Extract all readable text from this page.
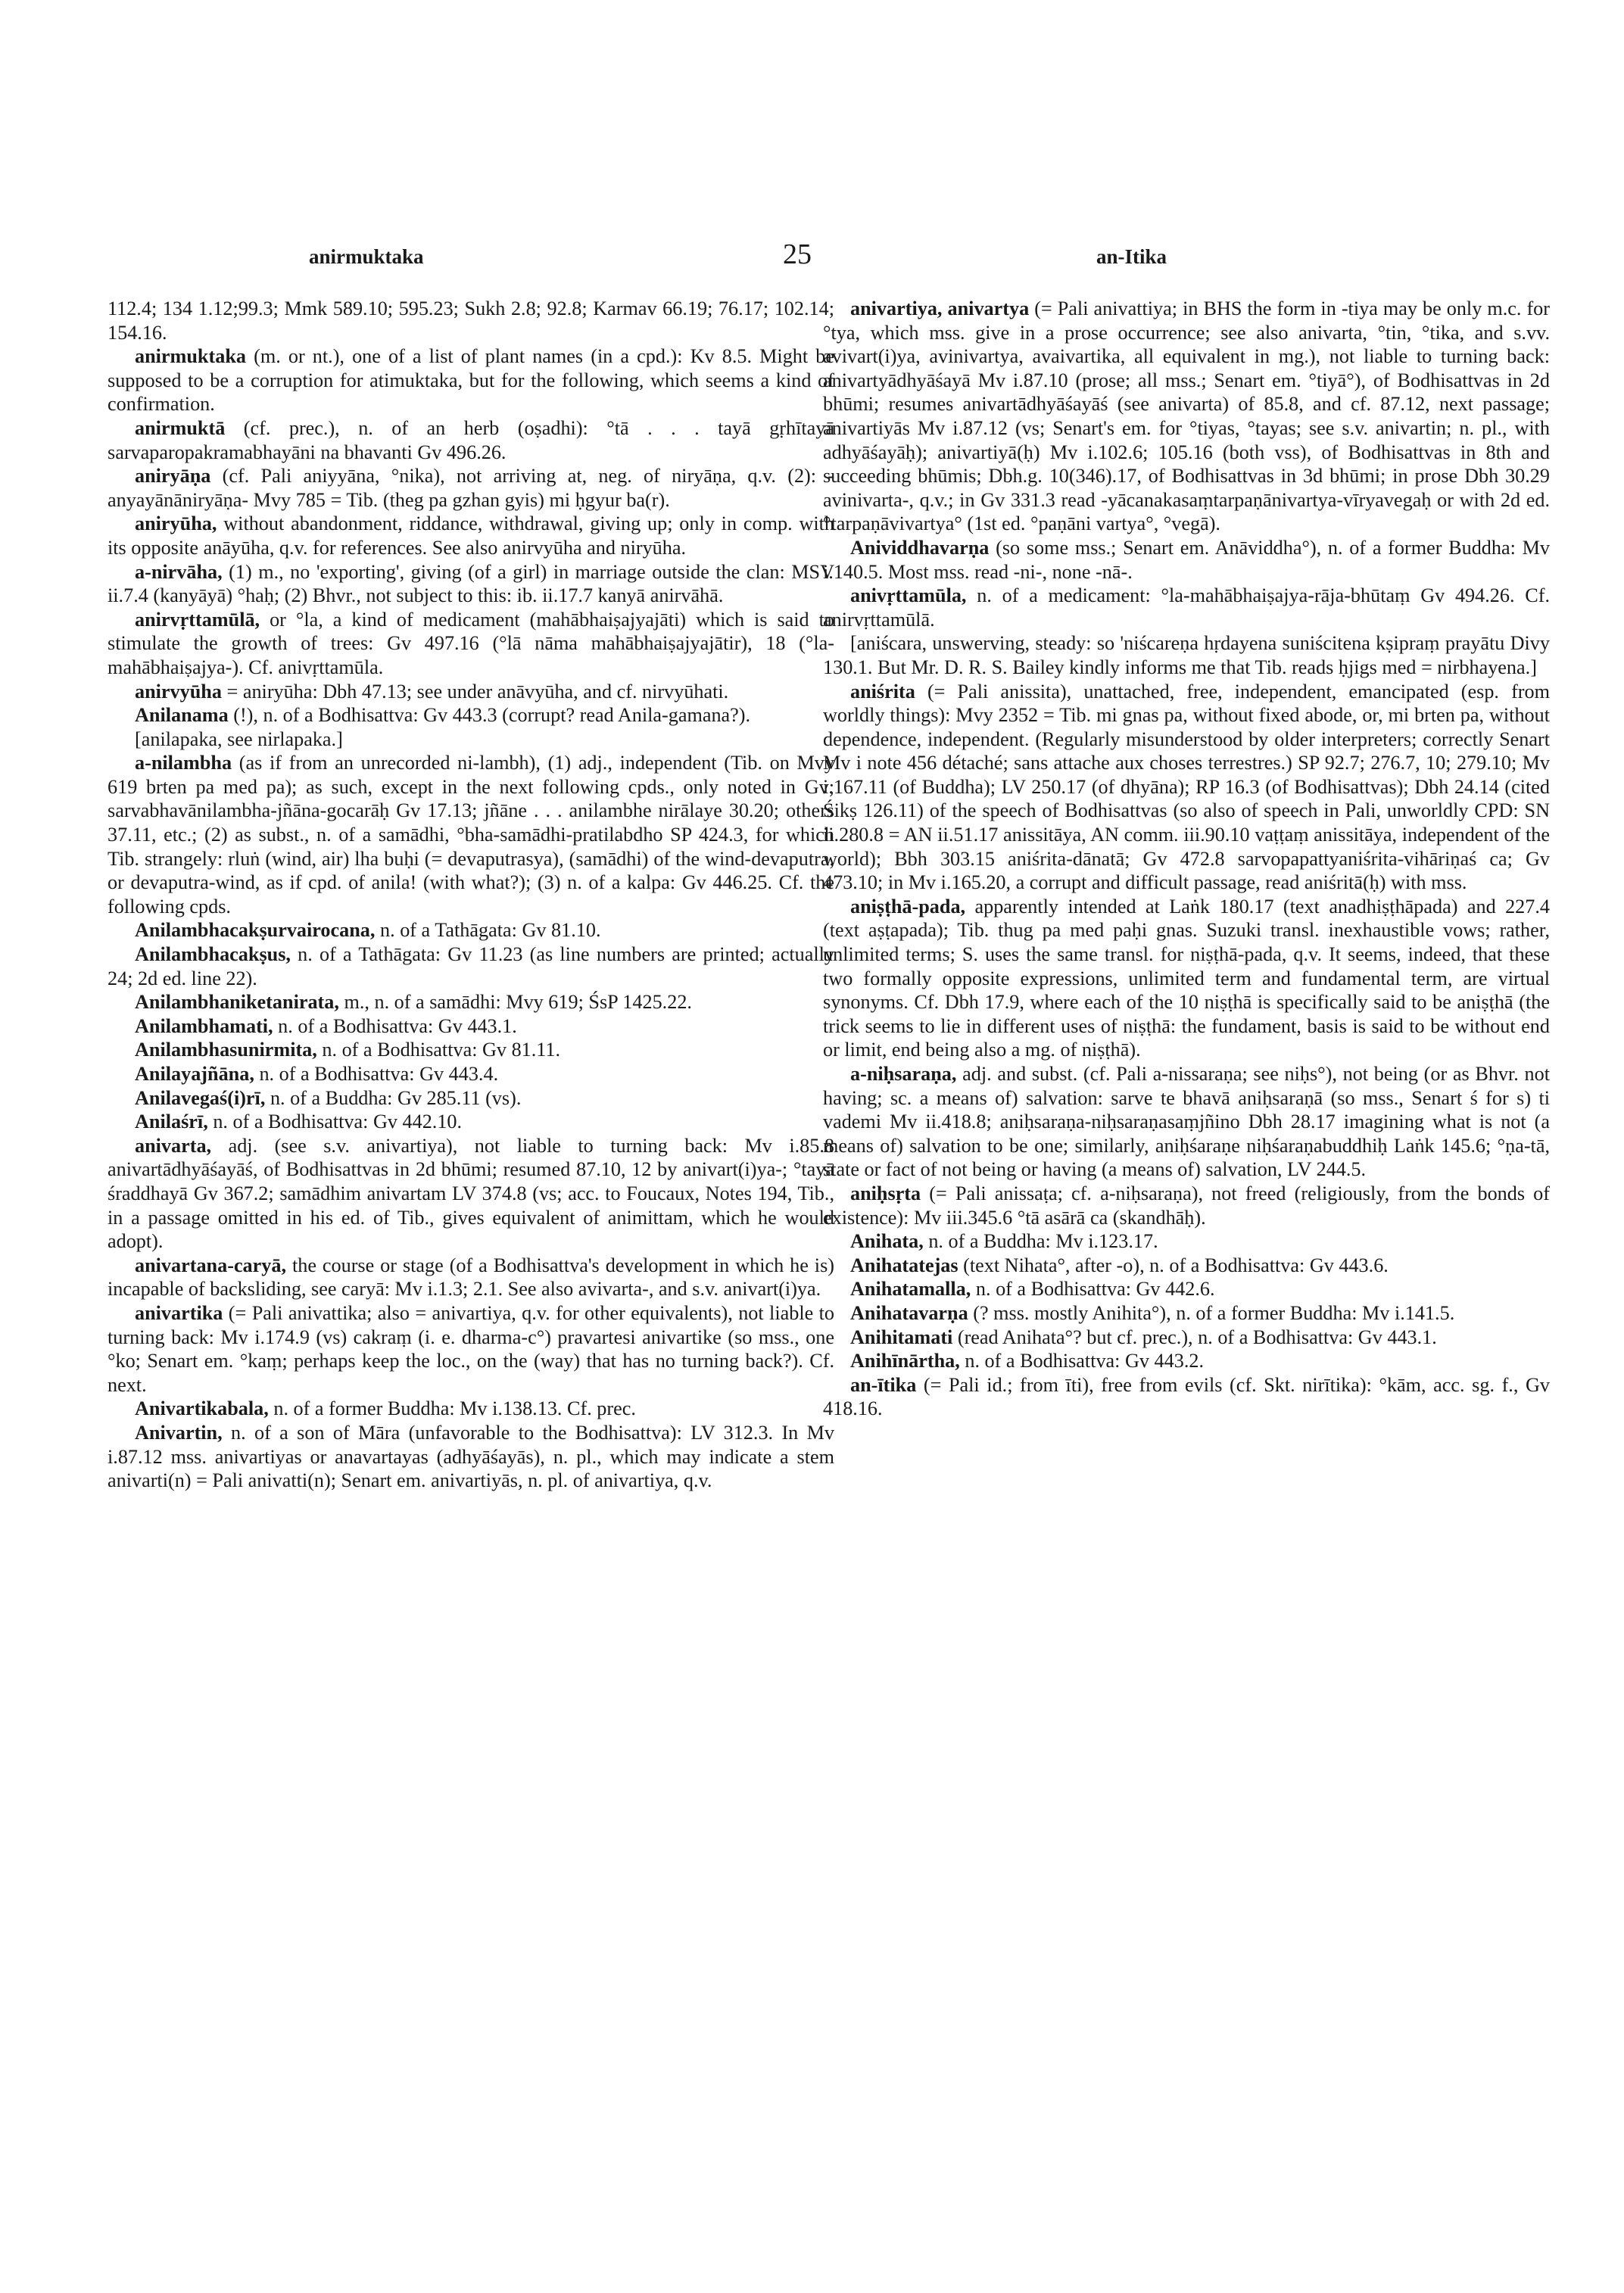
anirmuktaka	25	an-Itika

112.4; 134 1.12;99.3; Mmk 589.10; 595.23; Sukh 2.8; 92.8; Karmav 66.19; 76.17; 102.14; 154.16.

anirmuktaka (m. or nt.), one of a list of plant names (in a cpd.): Kv 8.5. Might be supposed to be a corruption for atimuktaka, but for the following, which seems a kind of confirmation.

anirmuktā (cf. prec.), n. of an herb (oṣadhi): °tā . . . tayā gṛhītayā sarvaparopakramabhayāni na bhavanti Gv 496.26.

aniryāṇa (cf. Pali aniyyāna, °nika), not arriving at, neg. of niryāṇa, q.v. (2): -anyayānāniryāṇa- Mvy 785 = Tib. (theg pa gzhan gyis) mi ḥgyur ba(r).

aniryūha, without abandonment, riddance, withdrawal, giving up; only in comp. with its opposite anāyūha, q.v. for references. See also anirvyūha and niryūha.

a-nirvāha, (1) m., no 'exporting', giving (of a girl) in marriage outside the clan: MSV ii.7.4 (kanyāyā) °haḥ; (2) Bhvr., not subject to this: ib. ii.17.7 kanyā anirvāhā.

anirvṛttamūlā, or °la, a kind of medicament (mahābhaiṣajyajāti) which is said to stimulate the growth of trees: Gv 497.16 (°lā nāma mahābhaiṣajyajātir), 18 (°la-mahābhaiṣajya-). Cf. anivṛttamūla.

anirvyūha = aniryūha: Dbh 47.13; see under anāvyūha, and cf. nirvyūhati.

Anilanama (!), n. of a Bodhisattva: Gv 443.3 (corrupt? read Anila-gamana?).

[anilapaka, see nirlapaka.]

a-nilambha (as if from an unrecorded ni-lambh), (1) adj., independent (Tib. on Mvy 619 brten pa med pa); as such, except in the next following cpds., only noted in Gv; sarvabhavānilambha-jñāna-gocarāḥ Gv 17.13; jñāne . . . anilambhe nirālaye 30.20; others 37.11, etc.; (2) as subst., n. of a samādhi, °bha-samādhi-pratilabdho SP 424.3, for which Tib. strangely: rluṅ (wind, air) lha buḥi (= devaputrasya), (samādhi) of the wind-devaputra, or devaputra-wind, as if cpd. of anila! (with what?); (3) n. of a kalpa: Gv 446.25. Cf. the following cpds.

Anilambhacakṣurvairocana, n. of a Tathāgata: Gv 81.10.

Anilambhacakṣus, n. of a Tathāgata: Gv 11.23 (as line numbers are printed; actually 24; 2d ed. line 22).

Anilambhaniketanirata, m., n. of a samādhi: Mvy 619; ŚsP 1425.22.

Anilambhamati, n. of a Bodhisattva: Gv 443.1.

Anilambhasunirmita, n. of a Bodhisattva: Gv 81.11.

Anilayajñāna, n. of a Bodhisattva: Gv 443.4.

Anilavegaś(i)rī, n. of a Buddha: Gv 285.11 (vs).

Anilaśrī, n. of a Bodhisattva: Gv 442.10.

anivarta, adj. (see s.v. anivartiya), not liable to turning back: Mv i.85.8 anivartādhyāśayāś, of Bodhisattvas in 2d bhūmi; resumed 87.10, 12 by anivart(i)ya-; °tayā śraddhayā Gv 367.2; samādhim anivartam LV 374.8 (vs; acc. to Foucaux, Notes 194, Tib., in a passage omitted in his ed. of Tib., gives equivalent of animittam, which he would adopt).

anivartana-caryā, the course or stage (of a Bodhisattva's development in which he is) incapable of backsliding, see caryā: Mv i.1.3; 2.1. See also avivarta-, and s.v. anivart(i)ya.

anivartika (= Pali anivattika; also = anivartiya, q.v. for other equivalents), not liable to turning back: Mv i.174.9 (vs) cakraṃ (i. e. dharma-c°) pravartesi anivartike (so mss., one °ko; Senart em. °kaṃ; perhaps keep the loc., on the (way) that has no turning back?). Cf. next.

Anivartikabala, n. of a former Buddha: Mv i.138.13. Cf. prec.

Anivartin, n. of a son of Māra (unfavorable to the Bodhisattva): LV 312.3. In Mv i.87.12 mss. anivartiyas or anavartayas (adhyāśayās), n. pl., which may indicate a stem anivarti(n) = Pali anivatti(n); Senart em. anivartiyās, n. pl. of anivartiya, q.v.

anivartiya, anivartya (= Pali anivattiya; in BHS the form in -tiya may be only m.c. for °tya, which mss. give in a prose occurrence; see also anivarta, °tin, °tika, and s.vv. avivart(i)ya, avinivartya, avaivartika, all equivalent in mg.), not liable to turning back: anivartyādhyāśayā Mv i.87.10 (prose; all mss.; Senart em. °tiyā°), of Bodhisattvas in 2d bhūmi; resumes anivartādhyāśayāś (see anivarta) of 85.8, and cf. 87.12, next passage; anivartiyās Mv i.87.12 (vs; Senart's em. for °tiyas, °tayas; see s.v. anivartin; n. pl., with adhyāśayāḥ); anivartiyā(ḥ) Mv i.102.6; 105.16 (both vss), of Bodhisattvas in 8th and succeeding bhūmis; Dbh.g. 10(346).17, of Bodhisattvas in 3d bhūmi; in prose Dbh 30.29 avinivarta-, q.v.; in Gv 331.3 read -yācanakasaṃtarpaṇānivartya-vīryavegaḥ or with 2d ed. °tarpaṇāvivartya° (1st ed. °paṇāni vartya°, °vegā).

Anividdhavarṇa (so some mss.; Senart em. Anāviddha°), n. of a former Buddha: Mv i.140.5. Most mss. read -ni-, none -nā-.

anivṛttamūla, n. of a medicament: °la-mahābhaiṣajya-rāja-bhūtaṃ Gv 494.26. Cf. anirvṛttamūlā.

[aniścara, unswerving, steady: so 'niścareṇa hṛdayena suniścitena kṣipraṃ prayātu Divy 130.1. But Mr. D. R. S. Bailey kindly informs me that Tib. reads ḥjigs med = nirbhayena.]

aniśrita (= Pali anissita), unattached, free, independent, emancipated (esp. from worldly things): Mvy 2352 = Tib. mi gnas pa, without fixed abode, or, mi brten pa, without dependence, independent. (Regularly misunderstood by older interpreters; correctly Senart Mv i note 456 détaché; sans attache aux choses terrestres.) SP 92.7; 276.7, 10; 279.10; Mv i.167.11 (of Buddha); LV 250.17 (of dhyāna); RP 16.3 (of Bodhisattvas); Dbh 24.14 (cited Śikṣ 126.11) of the speech of Bodhisattvas (so also of speech in Pali, unworldly CPD: SN ii.280.8 = AN ii.51.17 anissitāya, AN comm. iii.90.10 vaṭṭaṃ anissitāya, independent of the world); Bbh 303.15 aniśrita-dānatā; Gv 472.8 sarvopapattyaniśrita-vihāriṇaś ca; Gv 473.10; in Mv i.165.20, a corrupt and difficult passage, read aniśritā(ḥ) with mss.

aniṣṭhā-pada, apparently intended at Laṅk 180.17 (text anadhiṣṭhāpada) and 227.4 (text aṣṭapada); Tib. thug pa med paḥi gnas. Suzuki transl. inexhaustible vows; rather, unlimited terms; S. uses the same transl. for niṣṭhā-pada, q.v. It seems, indeed, that these two formally opposite expressions, unlimited term and fundamental term, are virtual synonyms. Cf. Dbh 17.9, where each of the 10 niṣṭhā is specifically said to be aniṣṭhā (the trick seems to lie in different uses of niṣṭhā: the fundament, basis is said to be without end or limit, end being also a mg. of niṣṭhā).

a-niḥsaraṇa, adj. and subst. (cf. Pali a-nissaraṇa; see niḥs°), not being (or as Bhvr. not having; sc. a means of) salvation: sarve te bhavā aniḥsaraṇā (so mss., Senart ś for s) ti vademi Mv ii.418.8; aniḥsaraṇa-niḥsaraṇasaṃjñino Dbh 28.17 imagining what is not (a means of) salvation to be one; similarly, aniḥśaraṇe niḥśaraṇabuddhiḥ Laṅk 145.6; °ṇa-tā, state or fact of not being or having (a means of) salvation, LV 244.5.

aniḥsṛta (= Pali anissaṭa; cf. a-niḥsaraṇa), not freed (religiously, from the bonds of existence): Mv iii.345.6 °tā asārā ca (skandhāḥ).

Anihata, n. of a Buddha: Mv i.123.17.

Anihatatejas (text Nihata°, after -o), n. of a Bodhisattva: Gv 443.6.

Anihatamalla, n. of a Bodhisattva: Gv 442.6.

Anihatavarṇa (? mss. mostly Anihita°), n. of a former Buddha: Mv i.141.5.

Anihitamati (read Anihata°? but cf. prec.), n. of a Bodhisattva: Gv 443.1.

Anihīnārtha, n. of a Bodhisattva: Gv 443.2.

an-ītika (= Pali id.; from īti), free from evils (cf. Skt. nirītika): °kām, acc. sg. f., Gv 418.16.
